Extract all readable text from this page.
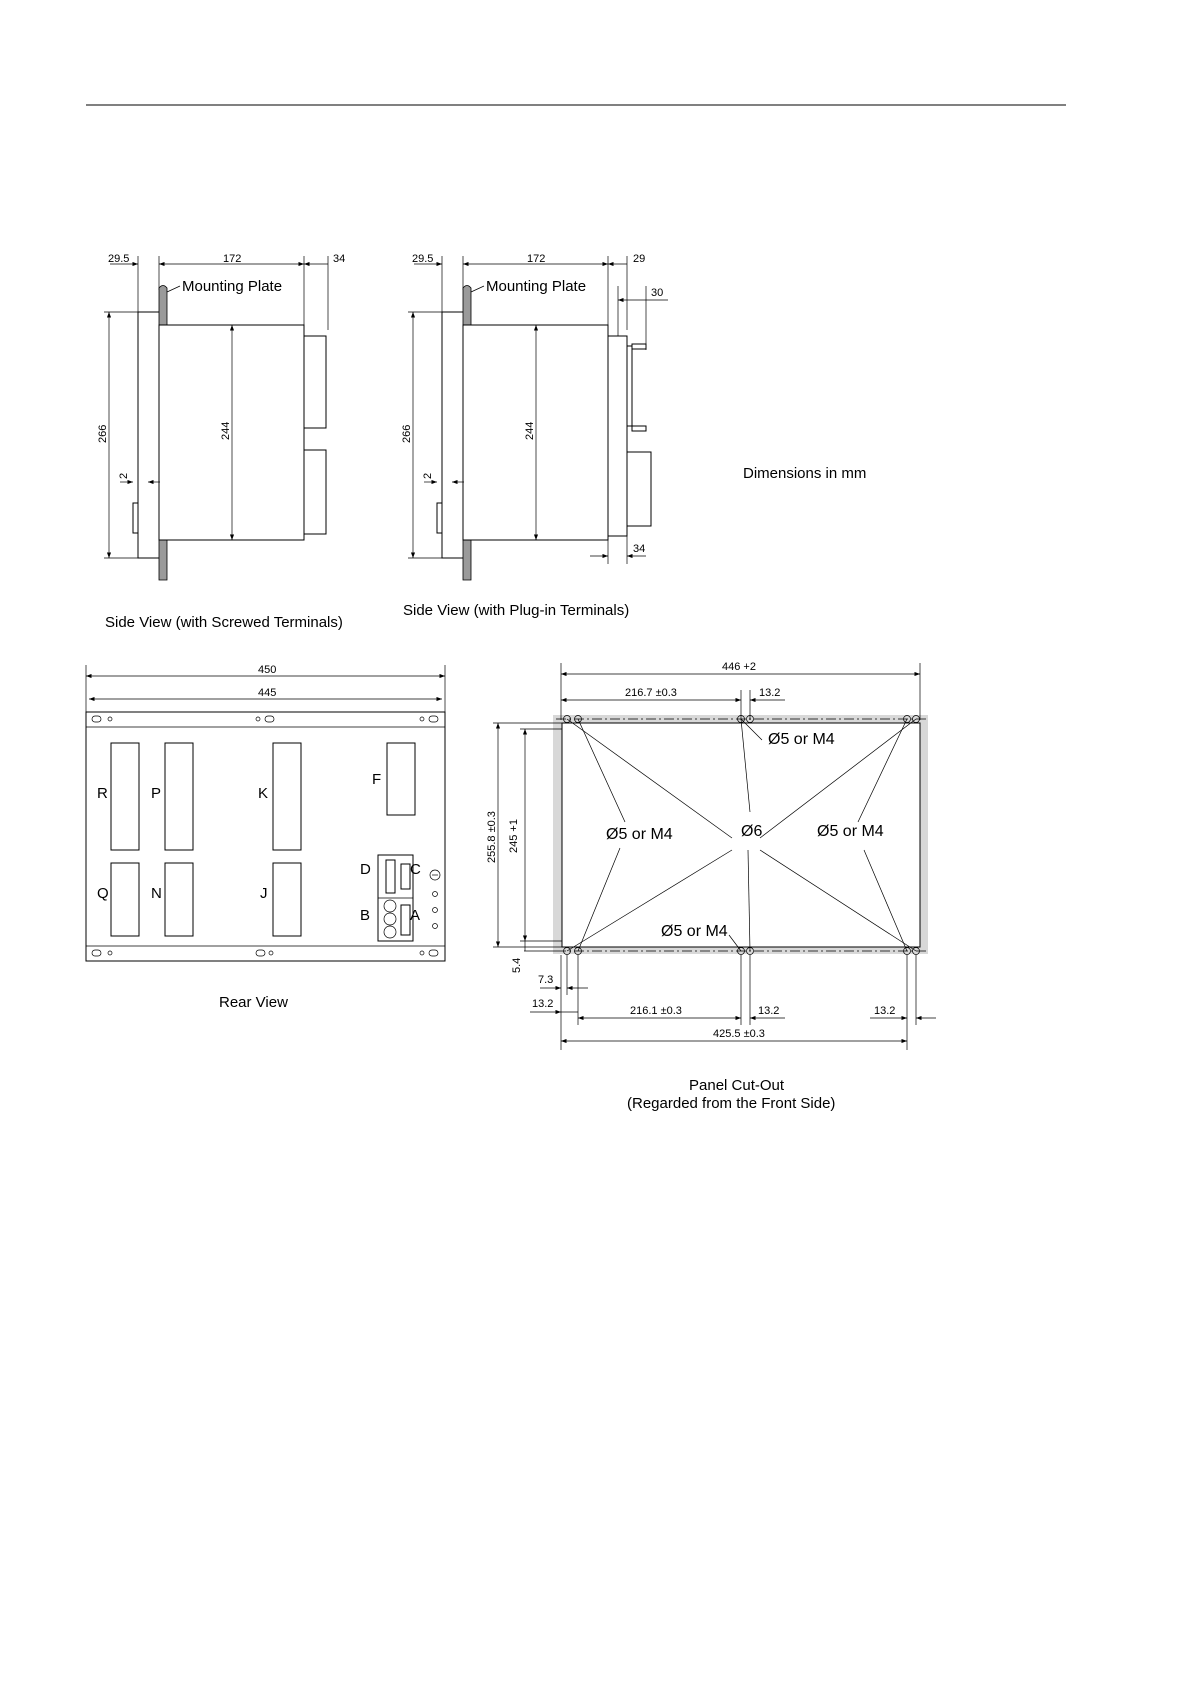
29.5	172	34
Mounting Plate
266	244
2
Side View (with Screwed Terminals)
29.5	172	29
30
Mounting Plate
34
266	244
2
Side View (with Plug-in Terminals)
Dimensions in mm
450
445
R	P	K
F
Q	N	J
D	C
B	A
Rear View
446 +2
216.7 ±0.3	13.2
Ø5 or M4
Ø5 or M4	Ø6	Ø5 or M4
Ø5 or M4
255.8 ±0.3 245 +1
5.4
7.3
13.2
216.1 ±0.3	13.2	13.2
425.5 ±0.3
Panel Cut-Out
(Regarded from the Front Side)
